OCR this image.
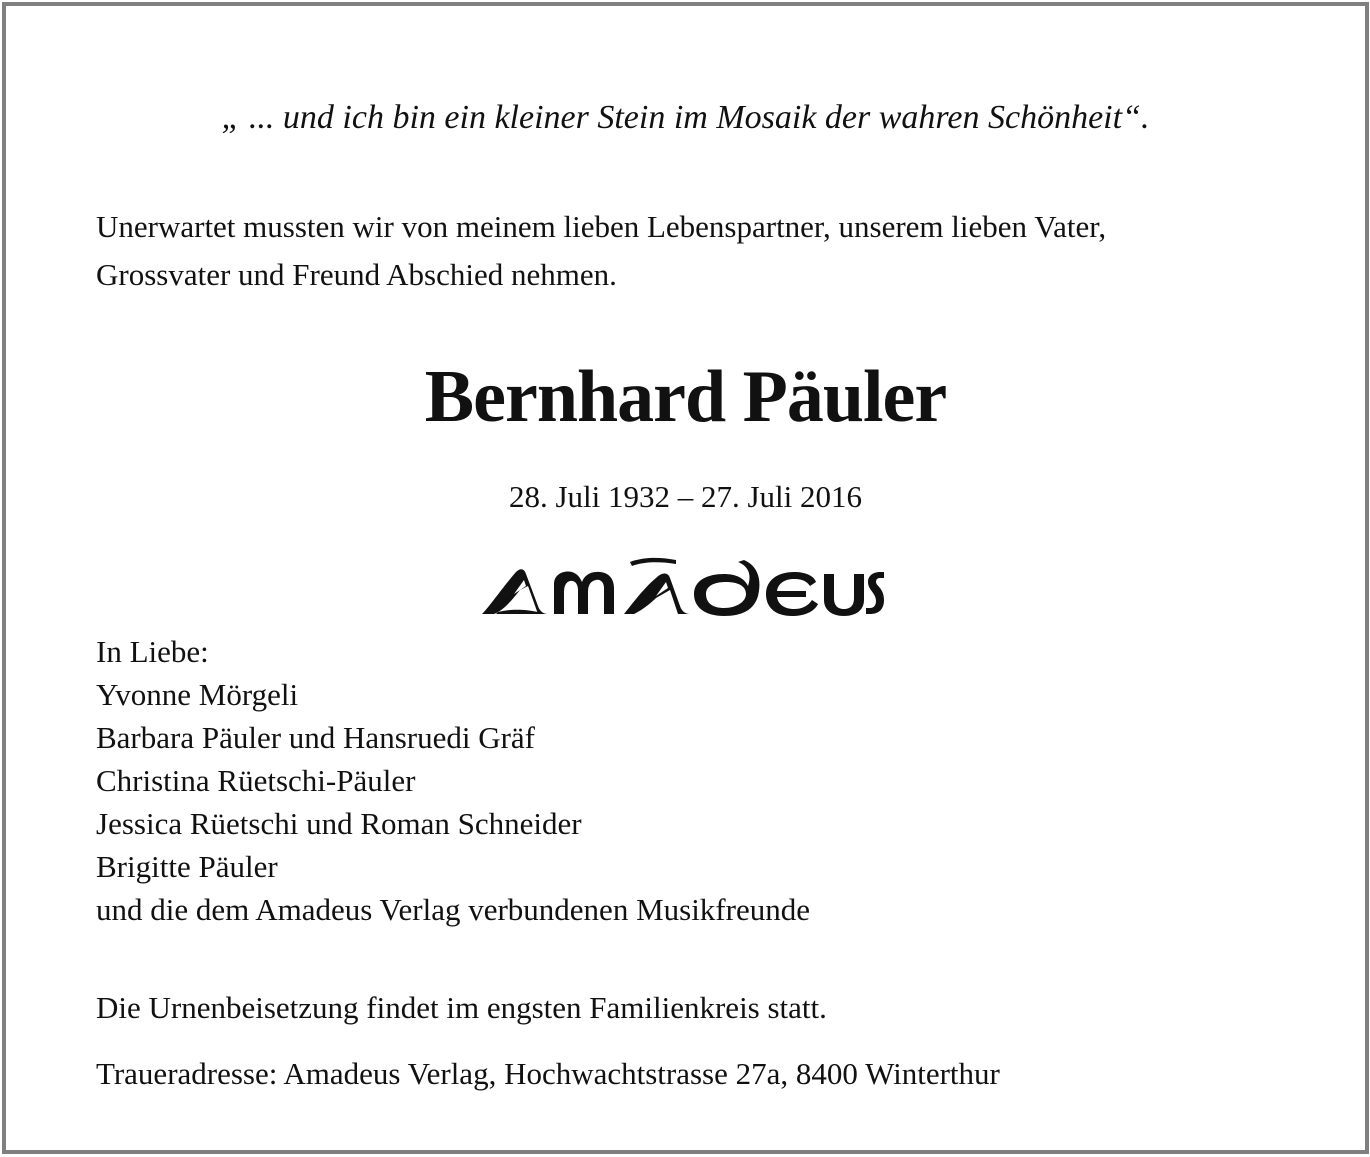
„ ... und ich bin ein kleiner Stein im Mosaik der wahren Schönheit“.

Unerwartet mussten wir von meinem lieben Lebenspartner, unserem lieben Vater,
Grossvater und Freund Abschied nehmen.
Bernhard Päuler

28. Juli 1932 – 27. Juli 2016

In Liebe:
Yvonne Mörgeli
Barbara Päuler und Hansruedi Gräf
Christina Rüetschi-Päuler
Jessica Rüetschi und Roman Schneider
Brigitte Päuler
und die dem Amadeus Verlag verbundenen Musikfreunde

Die Urnenbeisetzung findet im engsten Familienkreis statt.

Traueradresse: Amadeus Verlag, Hochwachtstrasse 27a, 8400 Winterthur
